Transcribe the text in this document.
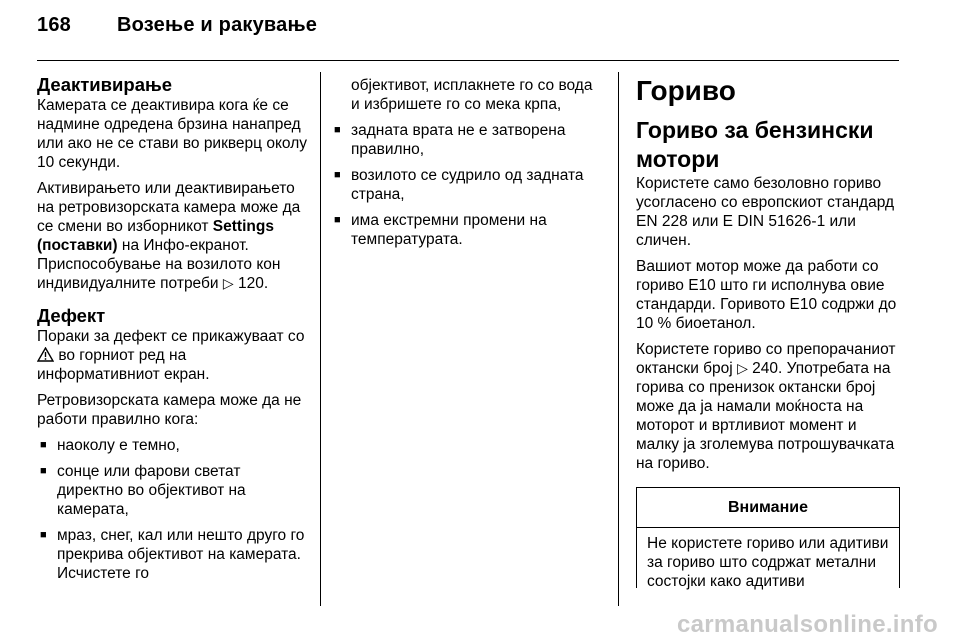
168 Возење и ракување
Деактивирање

Камерата се деактивира кога ќе се надмине одредена брзина нанапред или ако не се стави во рикверц околу 10 секунди.

Активирањето или деактивирањето на ретровизорската камера може да се смени во изборникот Settings (поставки) на Инфо-екранот. Приспособување на возилото кон индивидуалните потреби ▷ 120.

Дефект

Пораки за дефект се прикажуваат со  во горниот ред на информативниот екран.

Ретровизорската камера може да не работи правилно кога:

■ наоколу е темно,
■ сонце или фарови светат директно во објективот на камерата,
■ мраз, снег, кал или нешто друго го прекрива објективот на камерата. Исчистете го

објективот, исплакнете го со вода и избришете го со мека крпа,

■ задната врата не е затворена правилно,
■ возилото се судрило од задната страна,
■ има екстремни промени на температурата.
Гориво
Гориво за бензински мотори

Користете само безоловно гориво усогласено со европскиот стандард EN 228 или E DIN 51626-1 или сличен.

Вашиот мотор може да работи со гориво E10 што ги исполнува овие стандарди. Горивото E10 содржи до 10 % биоетанол.

Користете гориво со препорачаниот октански број ▷ 240. Употребата на горива со пренизок октански број може да ја намали моќноста на моторот и вртливиот момент и малку ја зголемува потрошувачката на гориво.

Внимание
Не користете гориво или адитиви за гориво што содржат метални состојки како адитиви
carmanualsonline.info
